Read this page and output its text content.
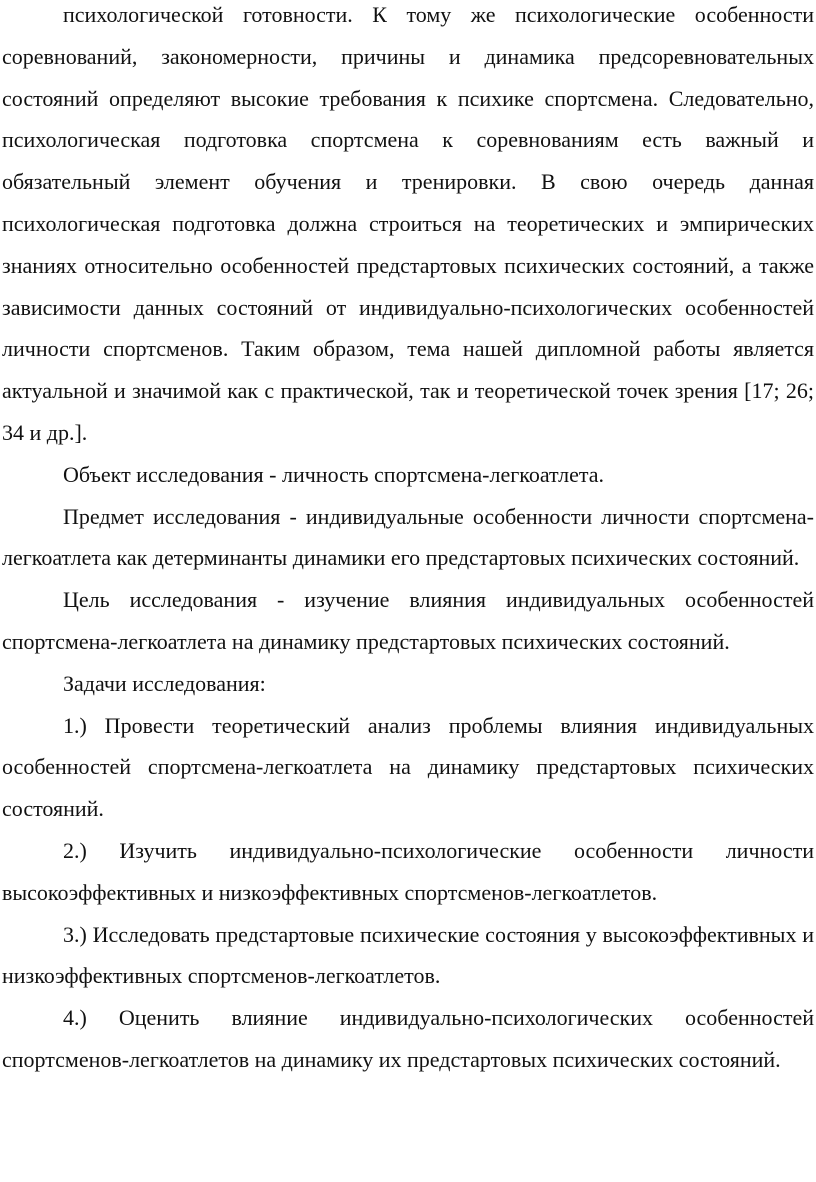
психологической готовности. К тому же психологические особенности соревнований, закономерности, причины и динамика предсоревновательных состояний определяют высокие требования к психике спортсмена. Следовательно, психологическая подготовка спортсмена к соревнованиям есть важный и обязательный элемент обучения и тренировки. В свою очередь данная психологическая подготовка должна строиться на теоретических и эмпирических знаниях относительно особенностей предстартовых психических состояний, а также зависимости данных состояний от индивидуально-психологических особенностей личности спортсменов. Таким образом, тема нашей дипломной работы является актуальной и значимой как с практической, так и теоретической точек зрения [17; 26; 34 и др.].

Объект исследования - личность спортсмена-легкоатлета.

Предмет исследования - индивидуальные особенности личности спортсмена-легкоатлета как детерминанты динамики его предстартовых психических состояний.

Цель исследования - изучение влияния индивидуальных особенностей спортсмена-легкоатлета на динамику предстартовых психических состояний.

Задачи исследования:

1.) Провести теоретический анализ проблемы влияния индивидуальных особенностей спортсмена-легкоатлета на динамику предстартовых психических состояний.

2.) Изучить индивидуально-психологические особенности личности высокоэффективных и низкоэффективных спортсменов-легкоатлетов.

3.) Исследовать предстартовые психические состояния у высокоэффективных и низкоэффективных спортсменов-легкоатлетов.

4.) Оценить влияние индивидуально-психологических особенностей спортсменов-легкоатлетов на динамику их предстартовых психических состояний.
